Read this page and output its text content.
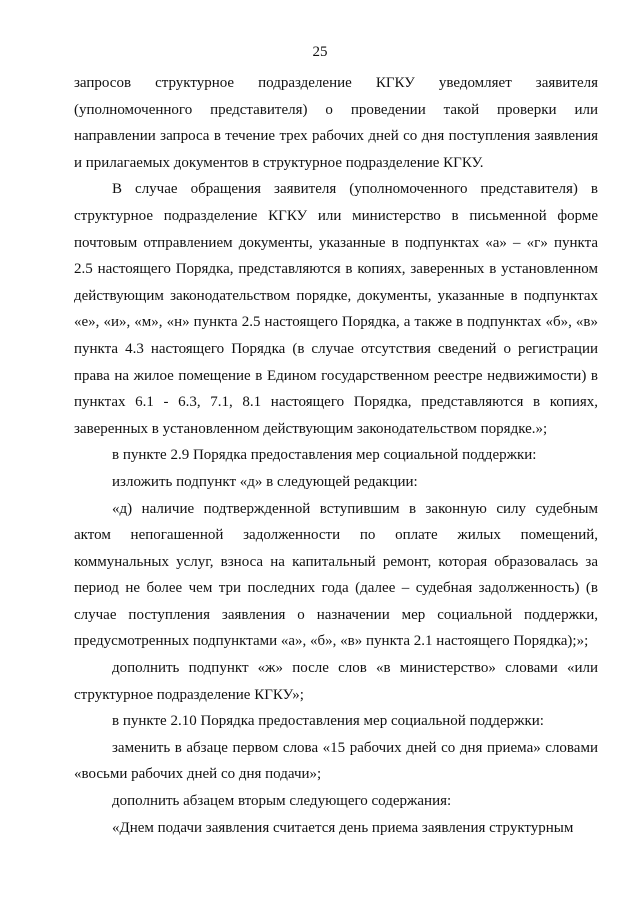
25

запросов структурное подразделение КГКУ уведомляет заявителя (уполномоченного представителя) о проведении такой проверки или направлении запроса в течение трех рабочих дней со дня поступления заявления и прилагаемых документов в структурное подразделение КГКУ.

В случае обращения заявителя (уполномоченного представителя) в структурное подразделение КГКУ или министерство в письменной форме почтовым отправлением документы, указанные в подпунктах «а» – «г» пункта 2.5 настоящего Порядка, представляются в копиях, заверенных в установленном действующим законодательством порядке, документы, указанные в подпунктах «е», «и», «м», «н» пункта 2.5 настоящего Порядка, а также в подпунктах «б», «в» пункта 4.3 настоящего Порядка (в случае отсутствия сведений о регистрации права на жилое помещение в Едином государственном реестре недвижимости) в пунктах 6.1 - 6.3, 7.1, 8.1 настоящего Порядка, представляются в копиях, заверенных в установленном действующим законодательством порядке.»;

в пункте 2.9 Порядка предоставления мер социальной поддержки:

изложить подпункт «д» в следующей редакции:

«д) наличие подтвержденной вступившим в законную силу судебным актом непогашенной задолженности по оплате жилых помещений, коммунальных услуг, взноса на капитальный ремонт, которая образовалась за период не более чем три последних года (далее – судебная задолженность) (в случае поступления заявления о назначении мер социальной поддержки, предусмотренных подпунктами «а», «б», «в» пункта 2.1 настоящего Порядка);»;

дополнить подпункт «ж» после слов «в министерство» словами «или структурное подразделение КГКУ»;

в пункте 2.10 Порядка предоставления мер социальной поддержки:

заменить в абзаце первом слова «15 рабочих дней со дня приема» словами «восьми рабочих дней со дня подачи»;

дополнить абзацем вторым следующего содержания:

«Днем подачи заявления считается день приема заявления структурным
